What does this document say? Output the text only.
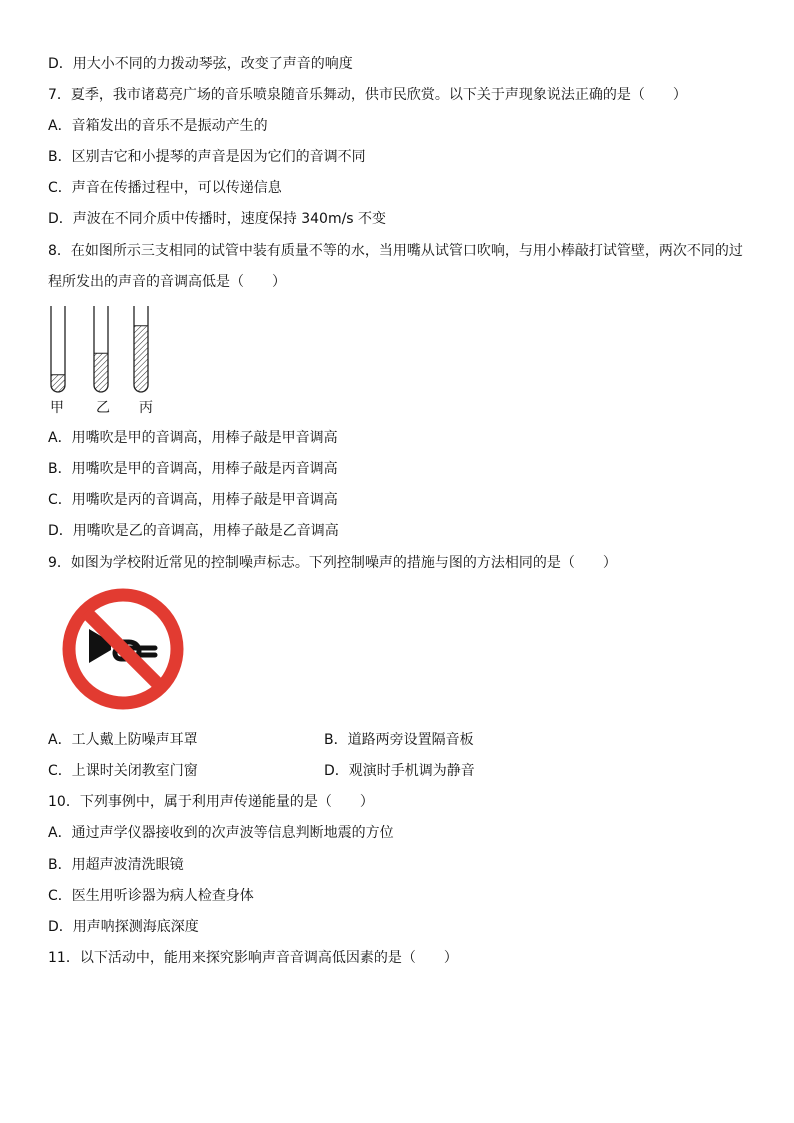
D．用大小不同的力拨动琴弦，改变了声音的响度
7．夏季，我市诸葛亮广场的音乐喷泉随音乐舞动，供市民欣赏。以下关于声现象说法正确的是（　　）
A．音箱发出的音乐不是振动产生的
B．区别吉它和小提琴的声音是因为它们的音调不同
C．声音在传播过程中，可以传递信息
D．声波在不同介质中传播时，速度保持 340m/s 不变
8．在如图所示三支相同的试管中装有质量不等的水，当用嘴从试管口吹响，与用小棒敲打试管壁，两次不同的过
程所发出的声音的音调高低是（　　）
甲 乙 丙
A．用嘴吹是甲的音调高，用棒子敲是甲音调高
B．用嘴吹是甲的音调高，用棒子敲是丙音调高
C．用嘴吹是丙的音调高，用棒子敲是甲音调高
D．用嘴吹是乙的音调高，用棒子敲是乙音调高
9．如图为学校附近常见的控制噪声标志。下列控制噪声的措施与图的方法相同的是（　　）
A．工人戴上防噪声耳罩	B．道路两旁设置隔音板
C．上课时关闭教室门窗	D．观演时手机调为静音
10．下列事例中，属于利用声传递能量的是（　　）
A．通过声学仪器接收到的次声波等信息判断地震的方位
B．用超声波清洗眼镜
C．医生用听诊器为病人检查身体
D．用声呐探测海底深度
11．以下活动中，能用来探究影响声音音调高低因素的是（　　）
